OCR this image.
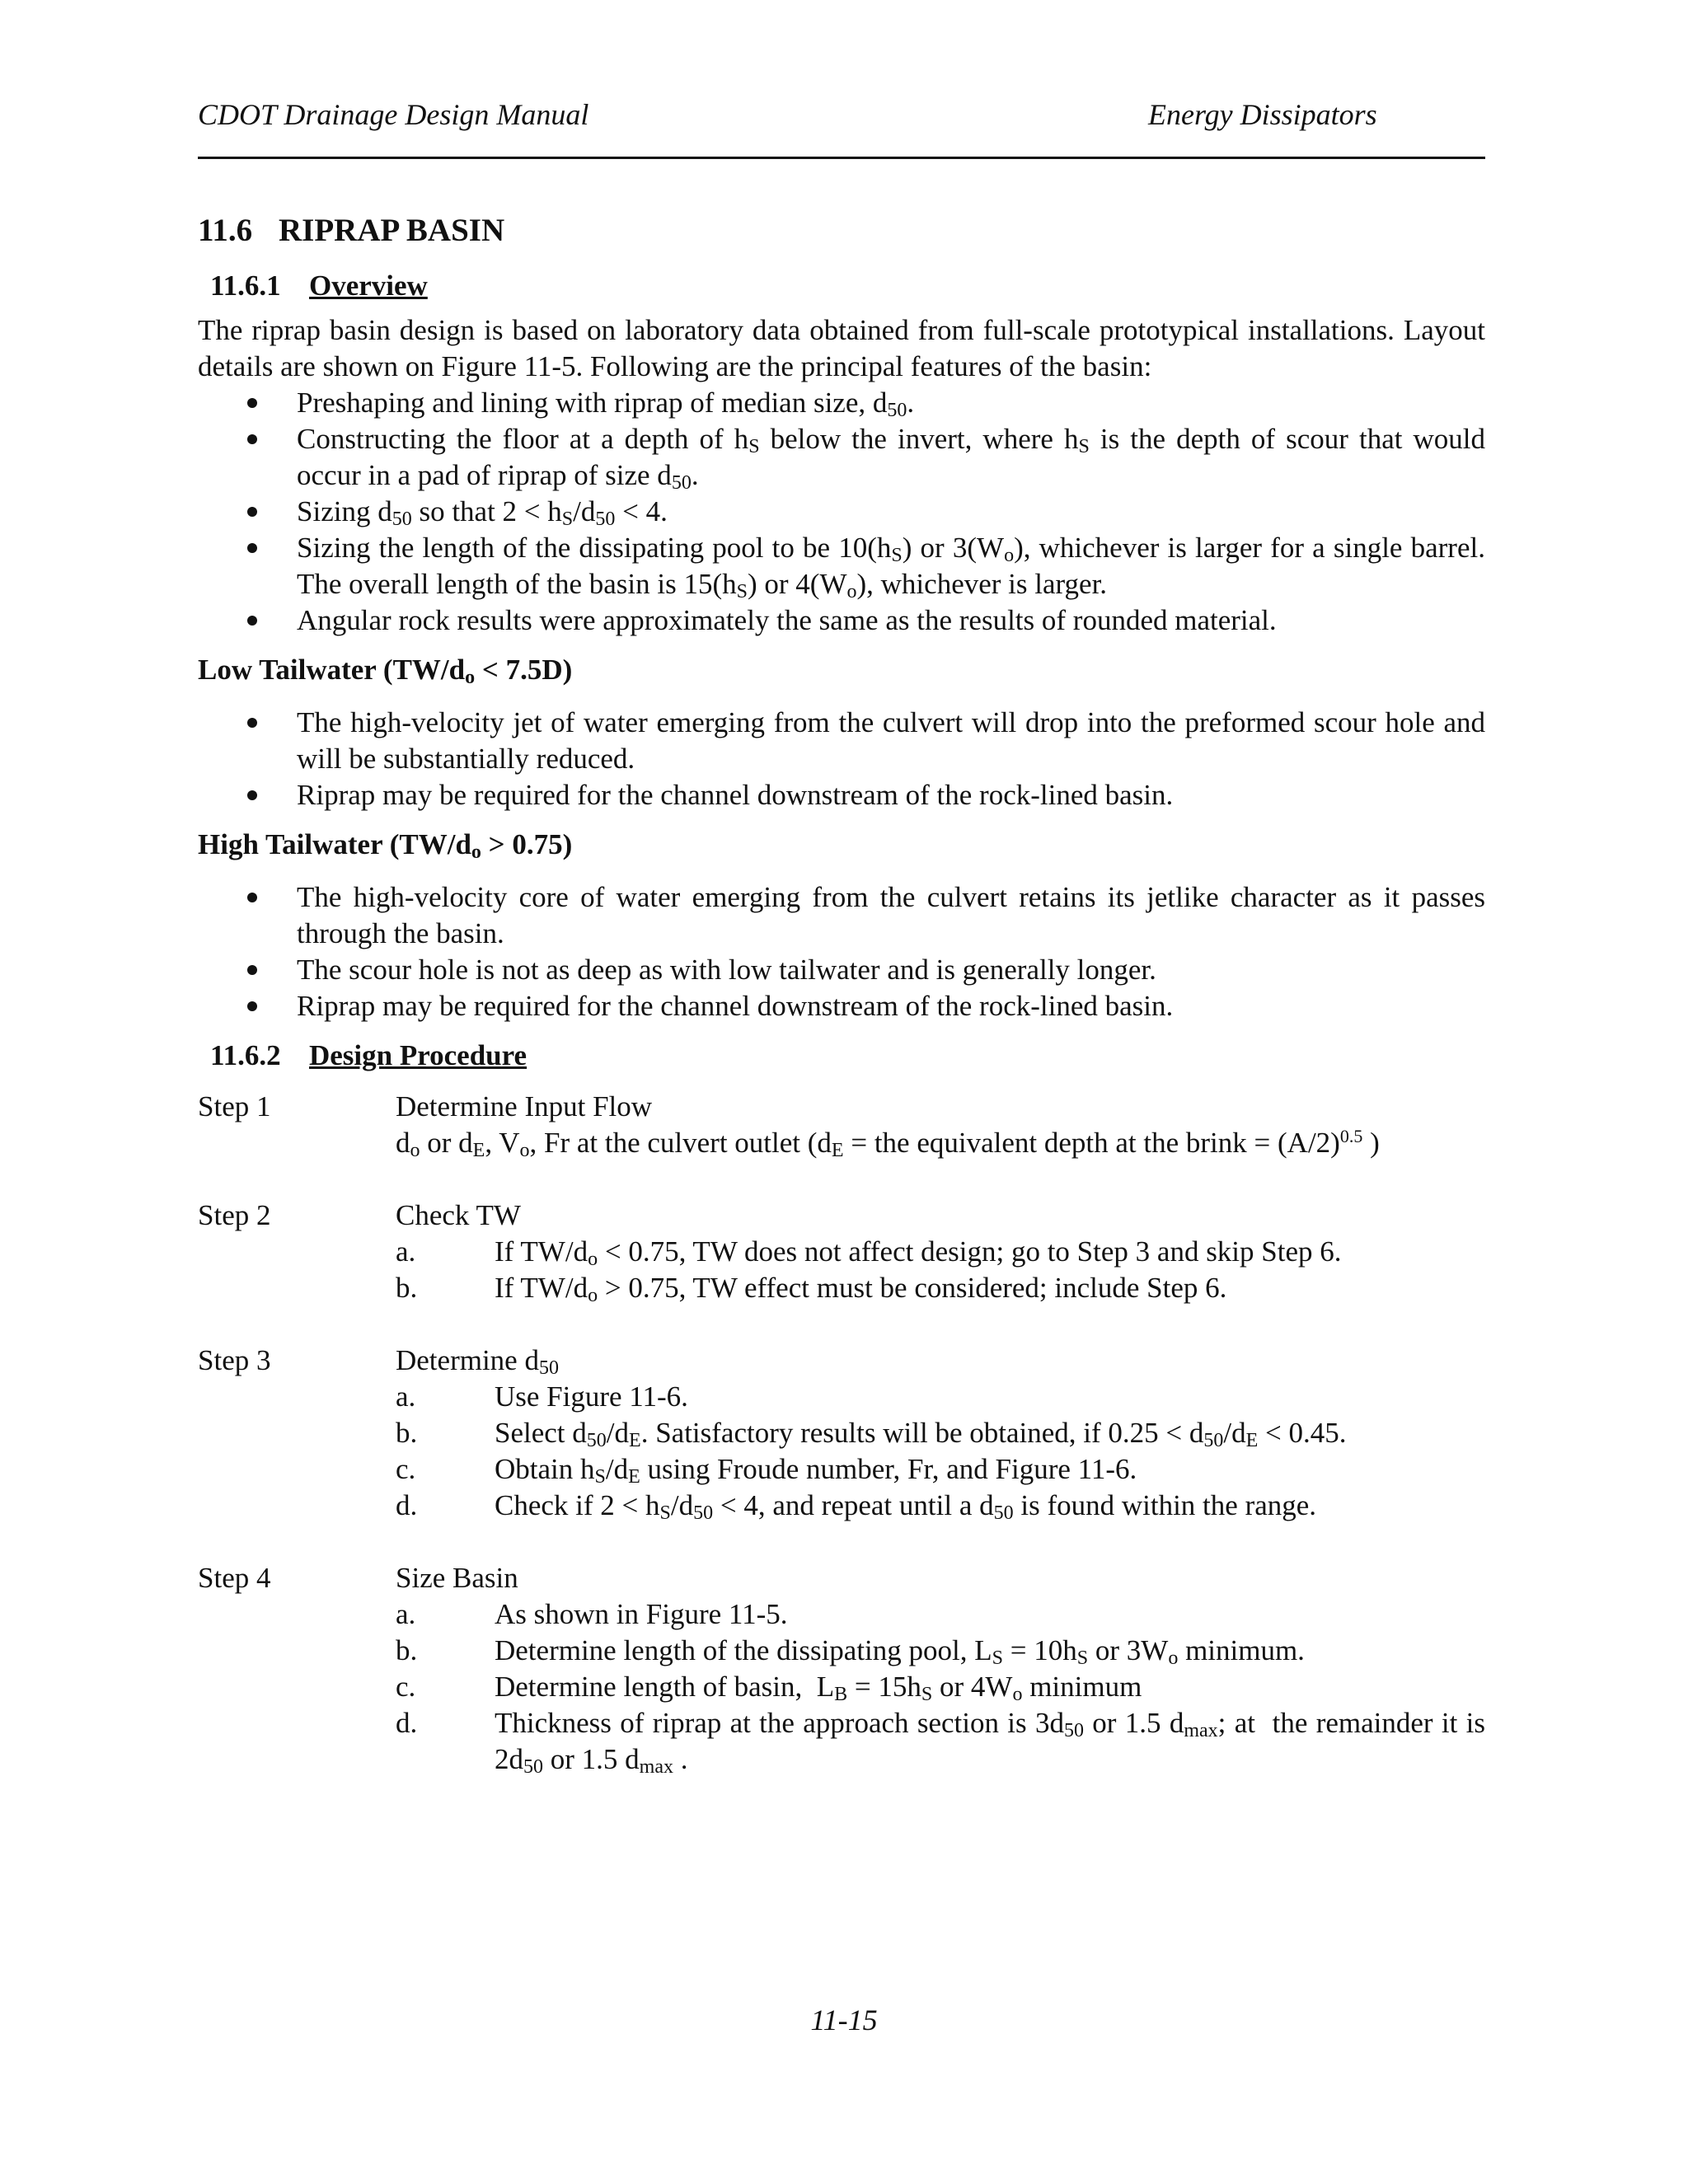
CDOT Drainage Design Manual	Energy Dissipators
11.6 RIPRAP BASIN

11.6.1 Overview

The riprap basin design is based on laboratory data obtained from full-scale prototypical installations. Layout details are shown on Figure 11-5. Following are the principal features of the basin:

Preshaping and lining with riprap of median size, $d_{50}$.
Constructing the floor at a depth of $h_S$ below the invert, where $h_S$ is the depth of scour that would occur in a pad of riprap of size $d_{50}$.
Sizing $d_{50}$ so that $2 < h_S/d_{50} < 4$.
Sizing the length of the dissipating pool to be $10(h_S)$ or $3(W_o)$, whichever is larger for a single barrel. The overall length of the basin is $15(h_S)$ or $4(W_o)$, whichever is larger.
Angular rock results were approximately the same as the results of rounded material.

Low Tailwater $(TW/d_o < 7.5D)$

The high-velocity jet of water emerging from the culvert will drop into the preformed scour hole and will be substantially reduced.
Riprap may be required for the channel downstream of the rock-lined basin.

High Tailwater $(TW/d_o > 0.75)$

The high-velocity core of water emerging from the culvert retains its jetlike character as it passes through the basin.
The scour hole is not as deep as with low tailwater and is generally longer.
Riprap may be required for the channel downstream of the rock-lined basin.

11.6.2 Design Procedure

Step 1	Determine Input Flow
$d_o$ or $d_E$, $V_o$, Fr at the culvert outlet ($d_E$ = the equivalent depth at the brink = $(A/2)^{0.5}$ )
Step 2	Check TW
a.	If $TW/d_o < 0.75$, TW does not affect design; go to Step 3 and skip Step 6.
b.	If $TW/d_o > 0.75$, TW effect must be considered; include Step 6.
Step 3	Determine $d_{50}$
a.	Use Figure 11-6.
b.	Select $d_{50}/d_E$. Satisfactory results will be obtained, if $0.25 < d_{50}/d_E < 0.45$.
c.	Obtain $h_S/d_E$ using Froude number, Fr, and Figure 11-6.
d.	Check if $2 < h_S/d_{50} < 4$, and repeat until a $d_{50}$ is found within the range.
Step 4	Size Basin
a.	As shown in Figure 11-5.
b.	Determine length of the dissipating pool, $L_S = 10h_S$ or $3W_o$ minimum.
c.	Determine length of basin,  $L_B = 15h_S$ or $4W_o$ minimum
d.	Thickness of riprap at the approach section is $3d_{50}$ or 1.5 $d_{max}$; at  the remainder it is $2d_{50}$ or 1.5 $d_{max}$ .
11-15
